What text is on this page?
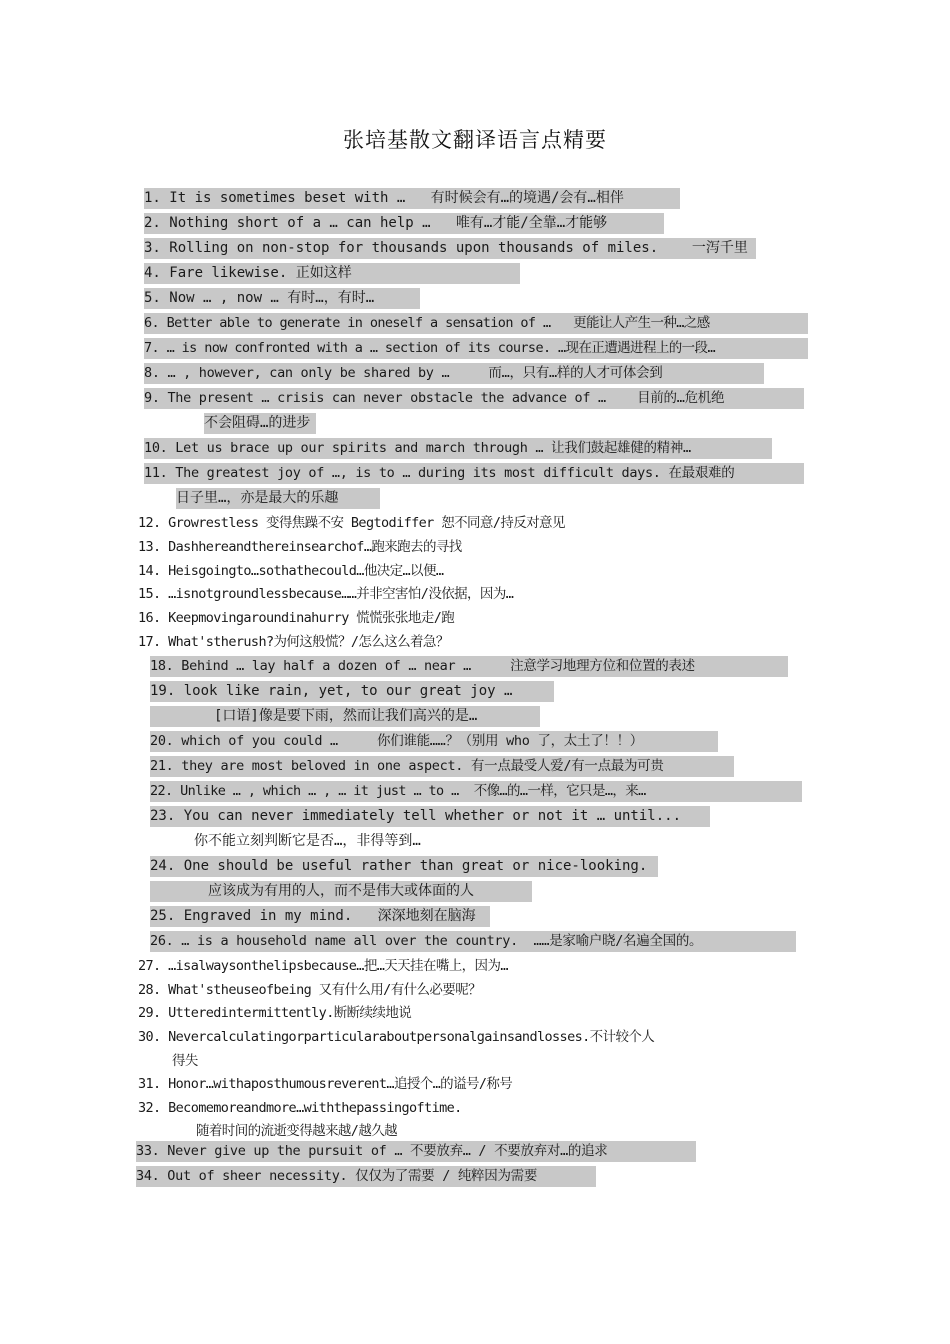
张培基散文翻译语言点精要
1. It is sometimes beset with …   有时候会有…的境遇/会有…相伴
2. Nothing short of a … can help …   唯有…才能/全靠…才能够
3. Rolling on non-stop for thousands upon thousands of miles.    一泻千里
4. Fare likewise. 正如这样
5. Now … , now … 有时…，有时…
6. Better able to generate in oneself a sensation of …   更能让人产生一种…之感
7. … is now confronted with a … section of its course. …现在正遭遇进程上的一段…
8. … , however, can only be shared by …     而…，只有…样的人才可体会到
9. The present … crisis can never obstacle the advance of …    目前的…危机绝
不会阻碍…的进步
10. Let us brace up our spirits and march through … 让我们鼓起雄健的精神…
11. The greatest joy of …, is to … during its most difficult days. 在最艰难的
日子里…，亦是最大的乐趣
12. Growrestless 变得焦躁不安 Begtodiffer 恕不同意/持反对意见
13. Dashhereandthereinsearchof…跑来跑去的寻找
14. Heisgoingto…sothathecould…他决定…以便…
15. …isnotgroundlessbecause……并非空害怕/没依据，因为…
16. Keepmovingaroundinahurry 慌慌张张地走/跑
17. What'stherush?为何这般慌？/怎么这么着急？
18. Behind … lay half a dozen of … near …     注意学习地理方位和位置的表述
19. look like rain, yet, to our great joy …
[口语]像是要下雨，然而让我们高兴的是…
20. which of you could …     你们谁能……？（别用 who 了，太土了！！）
21. they are most beloved in one aspect. 有一点最受人爱/有一点最为可贵
22. Unlike … , which … , … it just … to …  不像…的…一样，它只是…，来…
23. You can never immediately tell whether or not it … until...
你不能立刻判断它是否…，非得等到…
24. One should be useful rather than great or nice-looking.
应该成为有用的人，而不是伟大或体面的人
25. Engraved in my mind.   深深地刻在脑海
26. … is a household name all over the country.  ……是家喻户晓/名遍全国的。
27. …isalwaysonthelipsbecause…把…天天挂在嘴上，因为…
28. What'stheuseofbeing 又有什么用/有什么必要呢？
29. Utteredintermittently.断断续续地说
30. Nevercalculatingorparticularaboutpersonalgainsandlosses.不计较个人
得失
31. Honor…withaposthumousreverent…追授个…的谥号/称号
32. Becomemoreandmore…withthepassingoftime.
随着时间的流逝变得越来越/越久越
33. Never give up the pursuit of … 不要放弃… / 不要放弃对…的追求
34. Out of sheer necessity. 仅仅为了需要 / 纯粹因为需要
